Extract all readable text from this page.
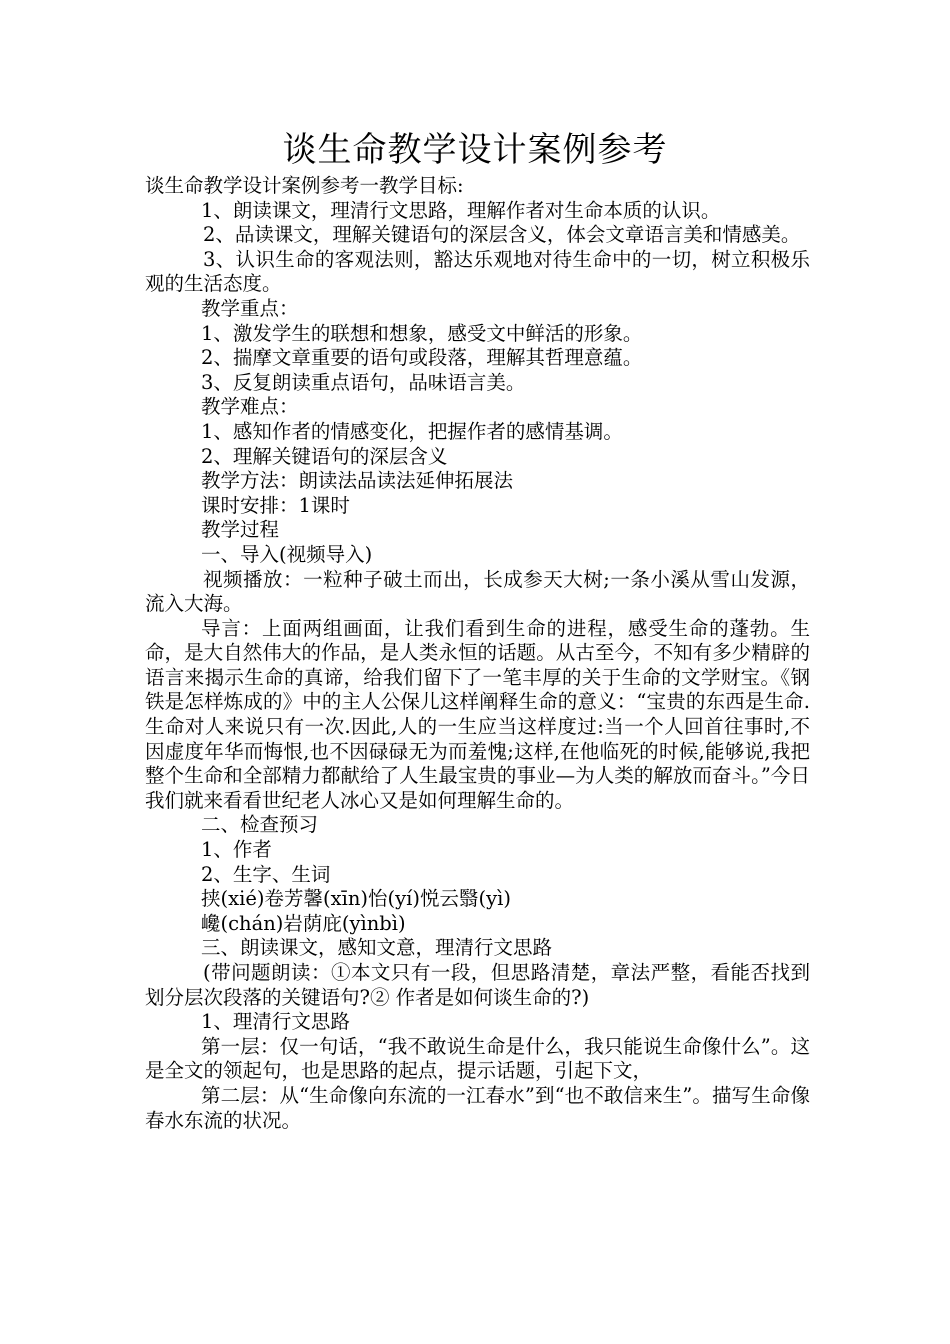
谈生命教学设计案例参考

谈生命教学设计案例参考一教学目标:

1、朗读课文，理清行文思路，理解作者对生命本质的认识。

2、品读课文，理解关键语句的深层含义，体会文章语言美和情感美。

3、认识生命的客观法则，豁达乐观地对待生命中的一切，树立积极乐观的生活态度。

教学重点：

1、激发学生的联想和想象，感受文中鲜活的形象。

2、揣摩文章重要的语句或段落，理解其哲理意蕴。

3、反复朗读重点语句，品味语言美。

教学难点：

1、感知作者的情感变化，把握作者的感情基调。

2、理解关键语句的深层含义

教学方法：朗读法品读法延伸拓展法

课时安排：1课时

教学过程

一、导入(视频导入)

视频播放：一粒种子破土而出，长成参天大树;一条小溪从雪山发源，流入大海。

导言：上面两组画面，让我们看到生命的进程，感受生命的蓬勃。生命，是大自然伟大的作品，是人类永恒的话题。从古至今，不知有多少精辟的语言来揭示生命的真谛，给我们留下了一笔丰厚的关于生命的文学财宝。《钢铁是怎样炼成的》中的主人公保儿这样阐释生命的意义：“宝贵的东西是生命.生命对人来说只有一次.因此,人的一生应当这样度过:当一个人回首往事时,不因虚度年华而悔恨,也不因碌碌无为而羞愧;这样,在他临死的时候,能够说,我把整个生命和全部精力都献给了人生最宝贵的事业—为人类的解放而奋斗。”今日我们就来看看世纪老人冰心又是如何理解生命的。

二、检查预习

1、作者

2、生字、生词

挟(xié)卷芳馨(xīn)怡(yí)悦云翳(yì)

巉(chán)岩荫庇(yìnbì)

三、朗读课文，感知文意，理清行文思路

(带问题朗读：①本文只有一段，但思路清楚，章法严整，看能否找到划分层次段落的关键语句?② 作者是如何谈生命的?)

1、理清行文思路

第一层：仅一句话，“我不敢说生命是什么，我只能说生命像什么”。这是全文的领起句，也是思路的起点，提示话题，引起下文，

第二层：从“生命像向东流的一江春水”到“也不敢信来生”。描写生命像春水东流的状况。
